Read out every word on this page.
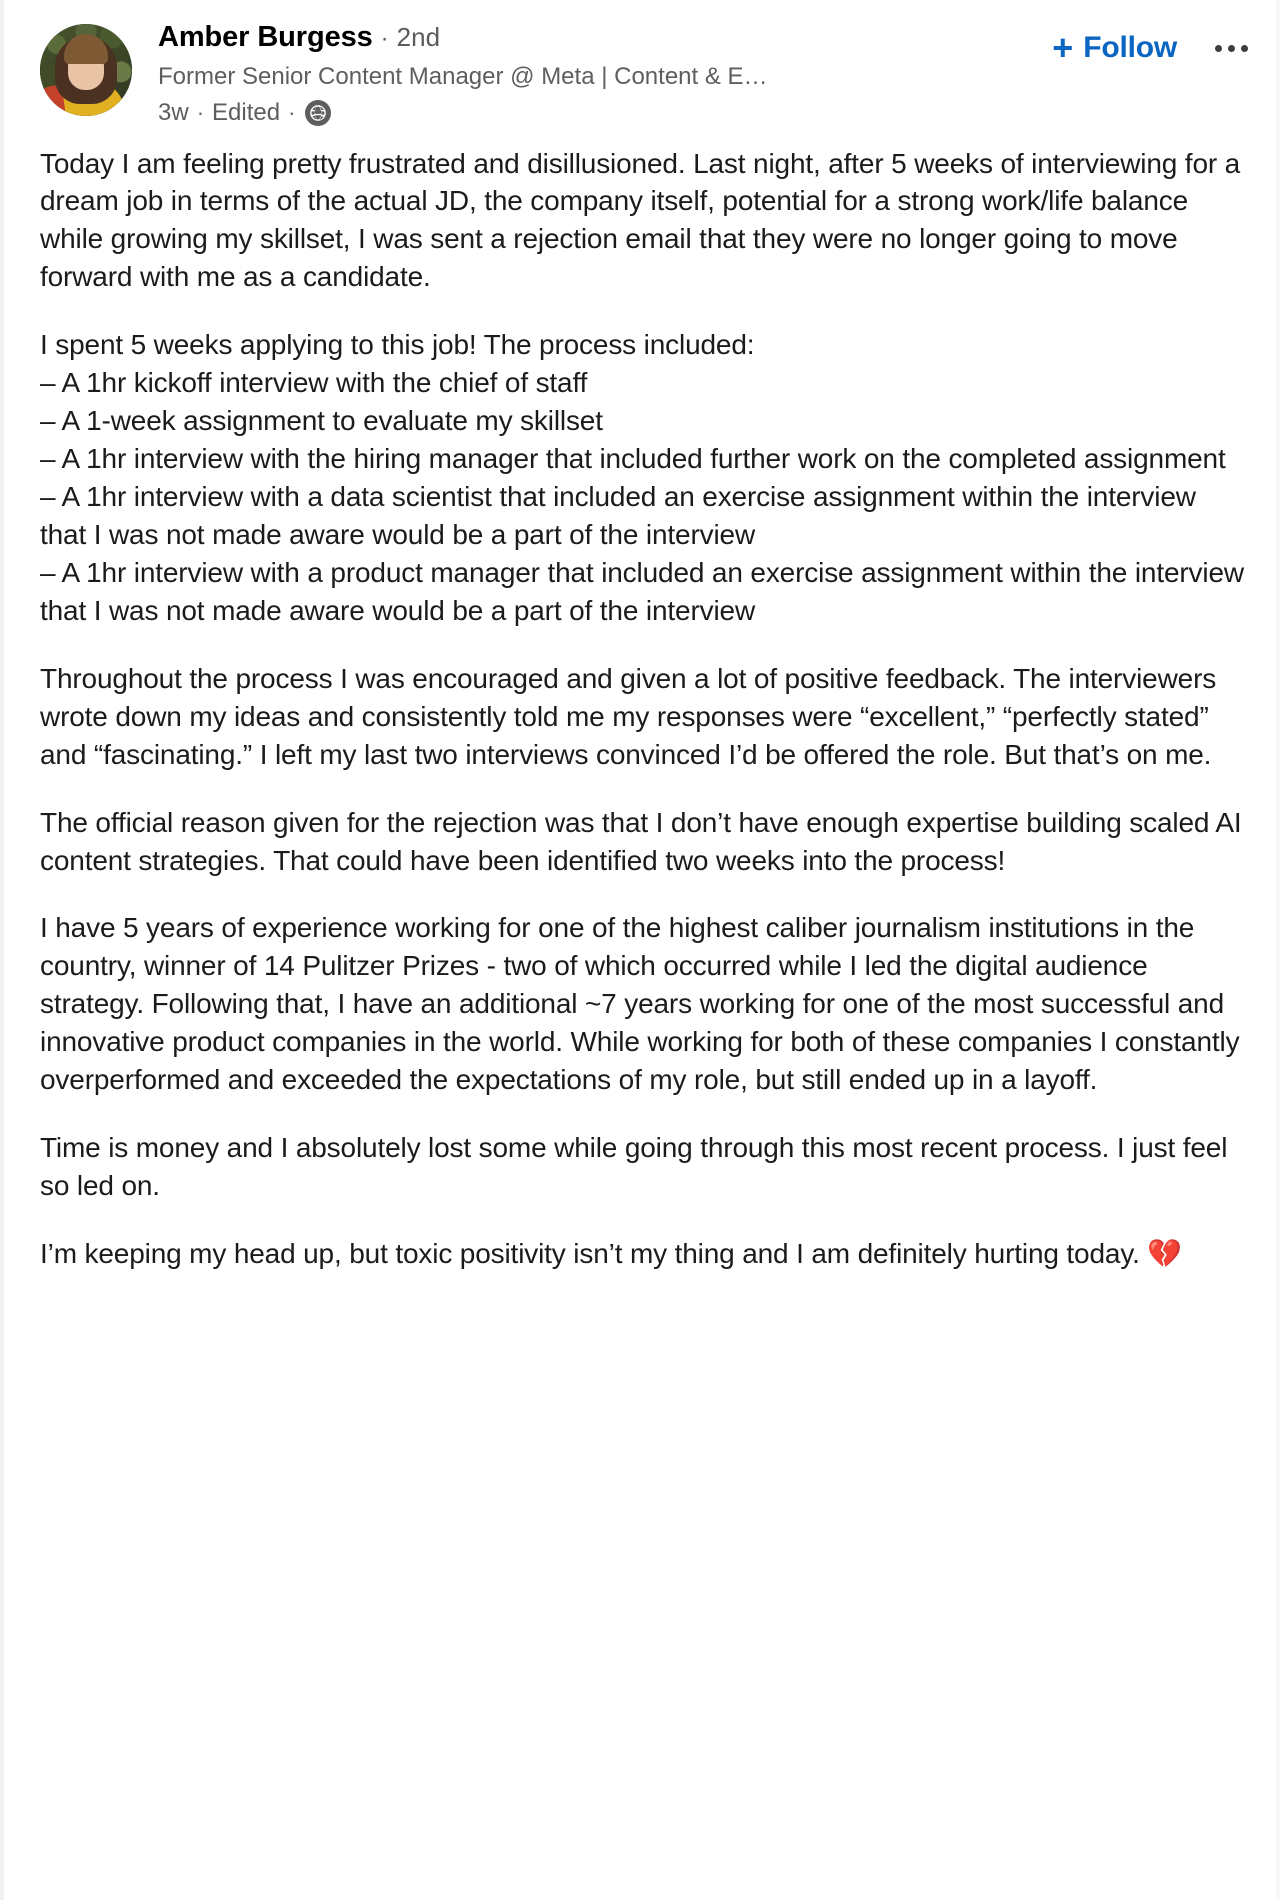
Amber Burgess · 2nd
Former Senior Content Manager @ Meta | Content & E…
3w · Edited ·
+ Follow

Today I am feeling pretty frustrated and disillusioned. Last night, after 5 weeks of interviewing for a dream job in terms of the actual JD, the company itself, potential for a strong work/life balance while growing my skillset, I was sent a rejection email that they were no longer going to move forward with me as a candidate.

I spent 5 weeks applying to this job! The process included:

– A 1hr kickoff interview with the chief of staff

– A 1-week assignment to evaluate my skillset

– A 1hr interview with the hiring manager that included further work on the completed assignment

– A 1hr interview with a data scientist that included an exercise assignment within the interview that I was not made aware would be a part of the interview

– A 1hr interview with a product manager that included an exercise assignment within the interview that I was not made aware would be a part of the interview

Throughout the process I was encouraged and given a lot of positive feedback. The interviewers wrote down my ideas and consistently told me my responses were “excellent,” “perfectly stated” and “fascinating.” I left my last two interviews convinced I’d be offered the role. But that’s on me.

The official reason given for the rejection was that I don’t have enough expertise building scaled AI content strategies. That could have been identified two weeks into the process!

I have 5 years of experience working for one of the highest caliber journalism institutions in the country, winner of 14 Pulitzer Prizes - two of which occurred while I led the digital audience strategy. Following that, I have an additional ~7 years working for one of the most successful and innovative product companies in the world. While working for both of these companies I constantly overperformed and exceeded the expectations of my role, but still ended up in a layoff.

Time is money and I absolutely lost some while going through this most recent process. I just feel so led on.

I’m keeping my head up, but toxic positivity isn’t my thing and I am definitely hurting today. 💔
